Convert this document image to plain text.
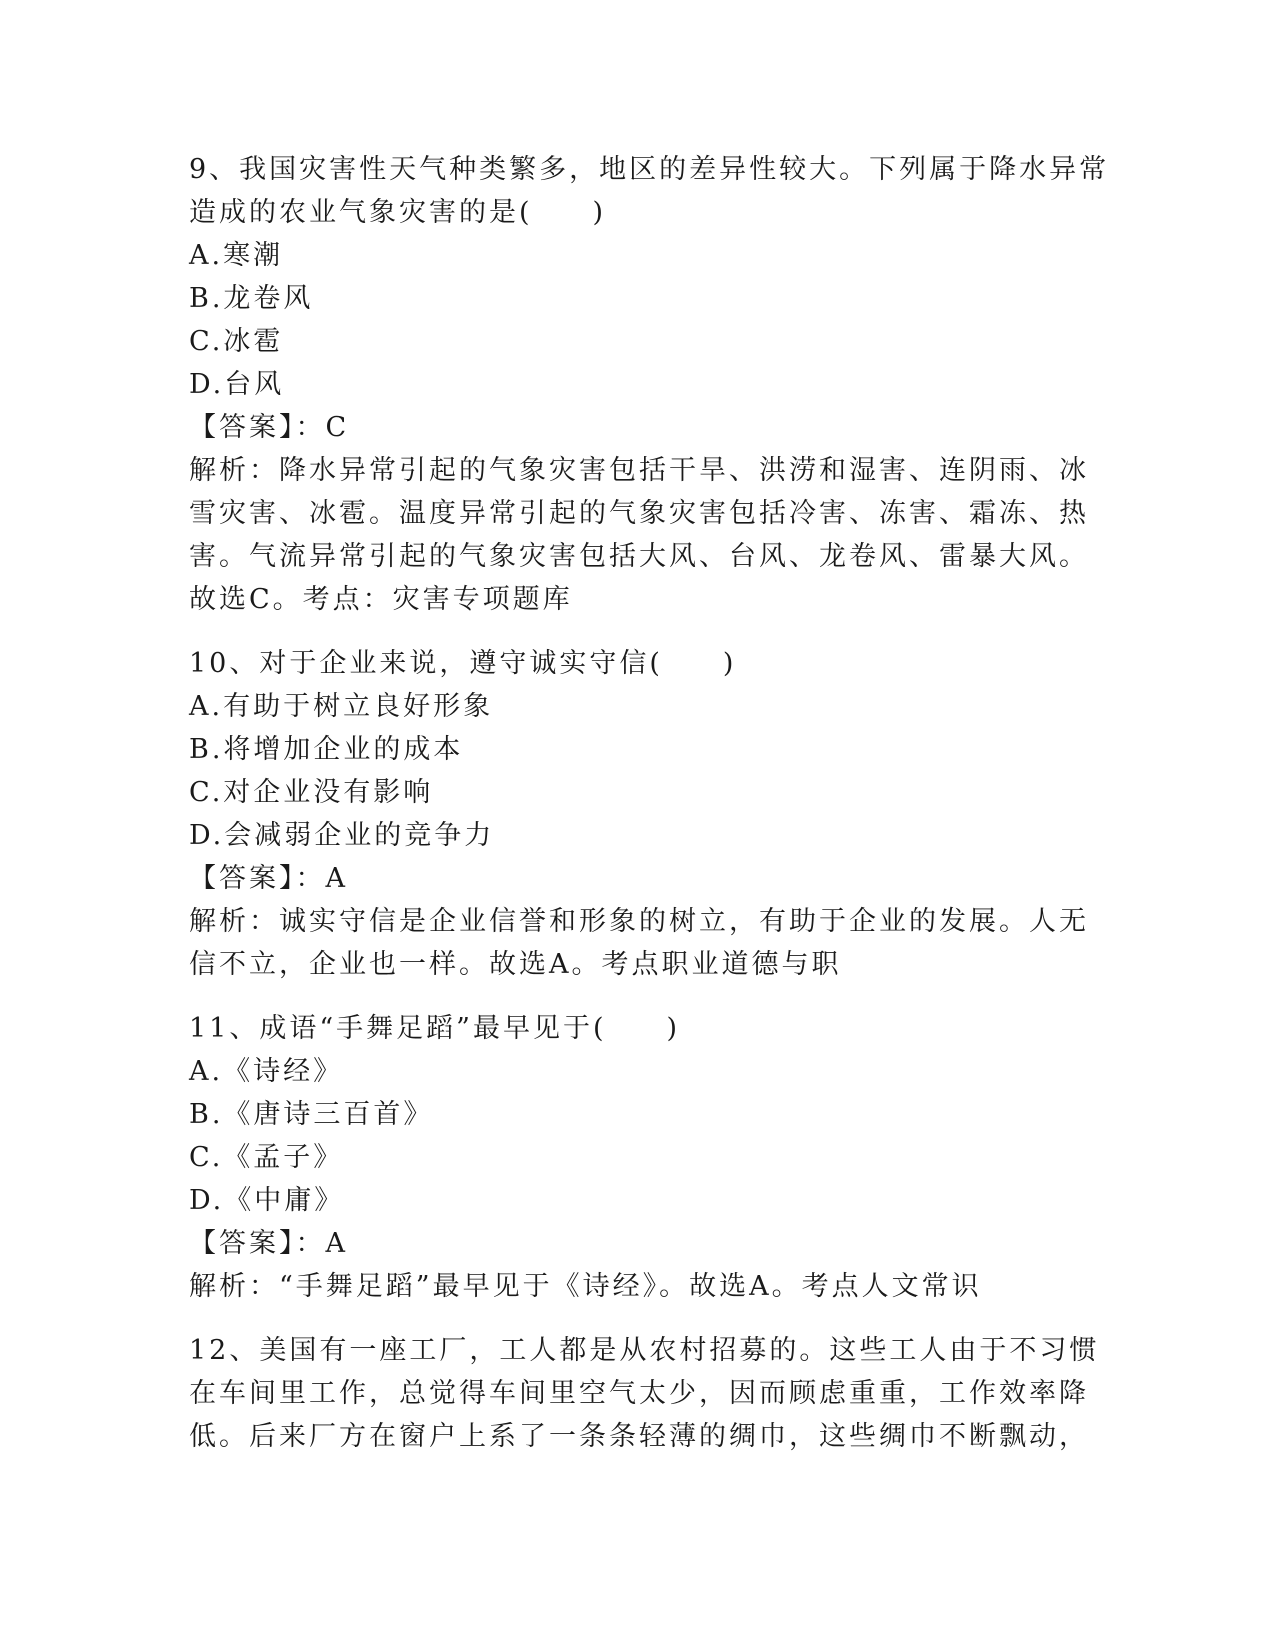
9、我国灾害性天气种类繁多，地区的差异性较大。下列属于降水异常
造成的农业气象灾害的是(　　)
A.寒潮
B.龙卷风
C.冰雹
D.台风
【答案】：C
解析：降水异常引起的气象灾害包括干旱、洪涝和湿害、连阴雨、冰
雪灾害、冰雹。温度异常引起的气象灾害包括冷害、冻害、霜冻、热
害。气流异常引起的气象灾害包括大风、台风、龙卷风、雷暴大风。
故选C。考点：灾害专项题库
10、对于企业来说，遵守诚实守信(　　)
A.有助于树立良好形象
B.将增加企业的成本
C.对企业没有影响
D.会减弱企业的竞争力
【答案】：A
解析：诚实守信是企业信誉和形象的树立，有助于企业的发展。人无
信不立，企业也一样。故选A。考点职业道德与职
11、成语“手舞足蹈”最早见于(　　)
A.《诗经》
B.《唐诗三百首》
C.《孟子》
D.《中庸》
【答案】：A
解析：“手舞足蹈”最早见于《诗经》。故选A。考点人文常识
12、美国有一座工厂，工人都是从农村招募的。这些工人由于不习惯
在车间里工作，总觉得车间里空气太少，因而顾虑重重，工作效率降
低。后来厂方在窗户上系了一条条轻薄的绸巾，这些绸巾不断飘动，
